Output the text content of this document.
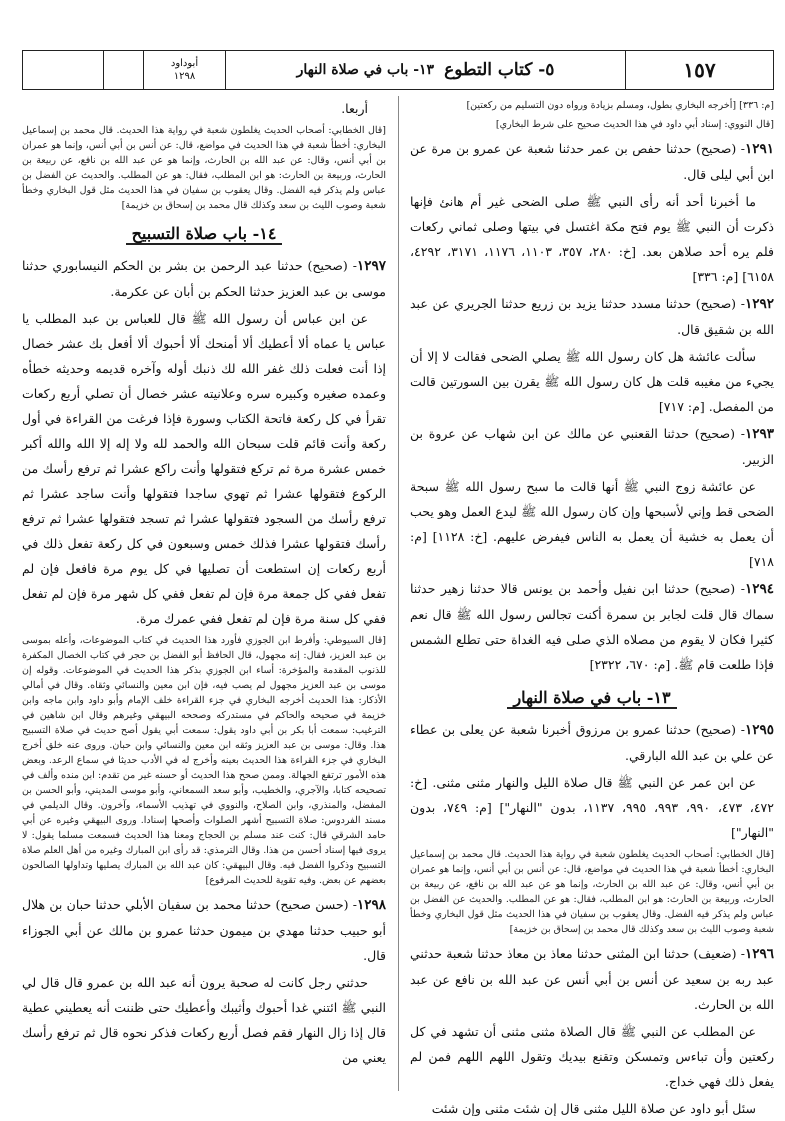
١٥٧
٥- كتاب التطوع
١٣- باب في صلاة النهار
أبوداود
١٢٩٨
[م: ٣٣٦] [أخرجه البخاري بطول، ومسلم بزيادة ورواه دون التسليم من ركعتين]
[قال النووي: إسناد أبي داود في هذا الحديث صحيح على شرط البخاري]

١٢٩١- (صحيح) حدثنا حفص بن عمر حدثنا شعبة عن عمرو بن مرة عن ابن أبي ليلى قال.

ما أخبرنا أحد أنه رأى النبي ﷺ صلى الضحى غير أم هانئ فإنها ذكرت أن النبي ﷺ يوم فتح مكة اغتسل في بيتها وصلى ثماني ركعات فلم يره أحد صلاهن بعد. [خ: ٢٨٠، ٣٥٧، ١١٠٣، ١١٧٦، ٣١٧١، ٤٢٩٢، ٦١٥٨] [م: ٣٣٦]

١٢٩٢- (صحيح) حدثنا مسدد حدثنا يزيد بن زريع حدثنا الجريري عن عبد الله بن شقيق قال.

سألت عائشة هل كان رسول الله ﷺ يصلي الضحى فقالت لا إلا أن يجيء من مغيبه قلت هل كان رسول الله ﷺ يقرن بين السورتين قالت من المفصل. [م: ٧١٧]

١٢٩٣- (صحيح) حدثنا القعنبي عن مالك عن ابن شهاب عن عروة بن الزبير.

عن عائشة زوج النبي ﷺ أنها قالت ما سبح رسول الله ﷺ سبحة الضحى قط وإني لأسبحها وإن كان رسول الله ﷺ ليدع العمل وهو يحب أن يعمل به خشية أن يعمل به الناس فيفرض عليهم. [خ: ١١٢٨] [م: ٧١٨]

١٢٩٤- (صحيح) حدثنا ابن نفيل وأحمد بن يونس قالا حدثنا زهير حدثنا سماك قال قلت لجابر بن سمرة أكنت تجالس رسول الله ﷺ قال نعم كثيرا فكان لا يقوم من مصلاه الذي صلى فيه الغداة حتى تطلع الشمس فإذا طلعت قام ﷺ. [م: ٦٧٠، ٢٣٢٢]

١٣- باب في صلاة النهار

١٢٩٥- (صحيح) حدثنا عمرو بن مرزوق أخبرنا شعبة عن يعلى بن عطاء عن علي بن عبد الله البارقي.

عن ابن عمر عن النبي ﷺ قال صلاة الليل والنهار مثنى مثنى. [خ: ٤٧٢، ٤٧٣، ٩٩٠، ٩٩٣، ٩٩٥، ١١٣٧، بدون "النهار"] [م: ٧٤٩، بدون "النهار"]

[قال الخطابي: أصحاب الحديث يغلطون شعبة في رواية هذا الحديث. قال محمد بن إسماعيل البخاري: أخطأ شعبة في هذا الحديث في مواضع، قال: عن أنس بن أبي أنس، وإنما هو عمران بن أبي أنس، وقال: عن عبد الله بن الحارث، وإنما هو عن عبد الله بن نافع، عن ربيعة بن الحارث، وربيعة بن الحارث: هو ابن المطلب، فقال: هو عن المطلب. والحديث عن الفضل بن عباس ولم يذكر فيه الفضل. وقال يعقوب بن سفيان في هذا الحديث مثل قول البخاري وخطأ شعبة وصوب الليث بن سعد وكذلك قال محمد بن إسحاق بن خزيمة]

١٢٩٦- (ضعيف) حدثنا ابن المثنى حدثنا معاذ بن معاذ حدثنا شعبة حدثني عبد ربه بن سعيد عن أنس بن أبي أنس عن عبد الله بن نافع عن عبد الله بن الحارث.

عن المطلب عن النبي ﷺ قال الصلاة مثنى مثنى أن تشهد في كل ركعتين وأن تباءس وتمسكن وتقنع بيديك وتقول اللهم اللهم فمن لم يفعل ذلك فهي خداج.

سئل أبو داود عن صلاة الليل مثنى قال إن شئت مثنى وإن شئت

أربعا.

[قال الخطابي: أصحاب الحديث يغلطون شعبة في رواية هذا الحديث. قال محمد بن إسماعيل البخاري: أخطأ شعبة في هذا الحديث في مواضع، قال: عن أنس بن أبي أنس، وإنما هو عمران بن أبي أنس، وقال: عن عبد الله بن الحارث، وإنما هو عن عبد الله بن نافع، عن ربيعة بن الحارث، وربيعة بن الحارث: هو ابن المطلب، فقال: هو عن المطلب. والحديث عن الفضل بن عباس ولم يذكر فيه الفضل. وقال يعقوب بن سفيان في هذا الحديث مثل قول البخاري وخطأ شعبة وصوب الليث بن سعد وكذلك قال محمد بن إسحاق بن خزيمة]
١٤- باب صلاة التسبيح

١٢٩٧- (صحيح) حدثنا عبد الرحمن بن بشر بن الحكم النيسابوري حدثنا موسى بن عبد العزيز حدثنا الحكم بن أبان عن عكرمة.

عن ابن عباس أن رسول الله ﷺ قال للعباس بن عبد المطلب يا عباس يا عماه ألا أعطيك ألا أمنحك ألا أحبوك ألا أفعل بك عشر خصال إذا أنت فعلت ذلك غفر الله لك ذنبك أوله وآخره قديمه وحديثه خطأه وعمده صغيره وكبيره سره وعلانيته عشر خصال أن تصلي أربع ركعات تقرأ في كل ركعة فاتحة الكتاب وسورة فإذا فرغت من القراءة في أول ركعة وأنت قائم قلت سبحان الله والحمد لله ولا إله إلا الله والله أكبر خمس عشرة مرة ثم تركع فتقولها وأنت راكع عشرا ثم ترفع رأسك من الركوع فتقولها عشرا ثم تهوي ساجدا فتقولها وأنت ساجد عشرا ثم ترفع رأسك من السجود فتقولها عشرا ثم تسجد فتقولها عشرا ثم ترفع رأسك فتقولها عشرا فذلك خمس وسبعون في كل ركعة تفعل ذلك في أربع ركعات إن استطعت أن تصليها في كل يوم مرة فافعل فإن لم تفعل ففي كل جمعة مرة فإن لم تفعل ففي كل شهر مرة فإن لم تفعل ففي كل سنة مرة فإن لم تفعل ففي عمرك مرة.

[قال السيوطي: وأفرط ابن الجوزي فأورد هذا الحديث في كتاب الموضوعات، وأعله بموسى بن عبد العزيز، فقال: إنه مجهول، قال الحافظ أبو الفضل بن حجر في كتاب الخصال المكفرة للذنوب المقدمة والمؤخرة: أساء ابن الجوزي بذكر هذا الحديث في الموضوعات. وقوله إن موسى بن عبد العزيز مجهول لم يصب فيه، فإن ابن معين والنسائي وثقاه. وقال في أمالي الأذكار: هذا الحديث أخرجه البخاري في جزء القراءة خلف الإمام وأبو داود وابن ماجه وابن خزيمة في صحيحه والحاكم في مستدركه وصححه البيهقي وغيرهم وقال ابن شاهين في الترغيب: سمعت أبا بكر بن أبي داود يقول: سمعت أبي يقول أصح حديث في صلاة التسبيح هذا. وقال: موسى بن عبد العزيز وثقه ابن معين والنسائي وابن حبان. وروى عنه خلق أخرج البخاري في جزء القراءة هذا الحديث بعينه وأخرج له في الأدب حديثا في سماع الرعد. وبعض هذه الأمور ترتفع الجهالة. وممن صحح هذا الحديث أو حسنه غير من تقدم: ابن منده وألف في تصحيحه كتابا، والآجري، والخطيب، وأبو سعد السمعاني، وأبو موسى المديني، وأبو الحسن بن المفضل، والمنذري، وابن الصلاح، والنووي في تهذيب الأسماء، وآخرون. وقال الديلمي في مسند الفردوس: صلاة التسبيح أشهر الصلوات وأصحها إسنادا. وروى البيهقي وغيره عن أبي حامد الشرقي قال: كنت عند مسلم بن الحجاج ومعنا هذا الحديث فسمعت مسلما يقول: لا يروى فيها إسناد أحسن من هذا. وقال الترمذي: قد رأى ابن المبارك وغيره من أهل العلم صلاة التسبيح وذكروا الفضل فيه. وقال البيهقي: كان عبد الله بن المبارك يصليها وتداولها الصالحون بعضهم عن بعض. وفيه تقوية للحديث المرفوع]

١٢٩٨- (حسن صحيح) حدثنا محمد بن سفيان الأبلي حدثنا حبان بن هلال أبو حبيب حدثنا مهدي بن ميمون حدثنا عمرو بن مالك عن أبي الجوزاء قال.

حدثني رجل كانت له صحبة يرون أنه عبد الله بن عمرو قال قال لي النبي ﷺ ائتني غدا أحبوك وأثيبك وأعطيك حتى ظننت أنه يعطيني عطية قال إذا زال النهار فقم فصل أربع ركعات فذكر نحوه قال ثم ترفع رأسك يعني من
